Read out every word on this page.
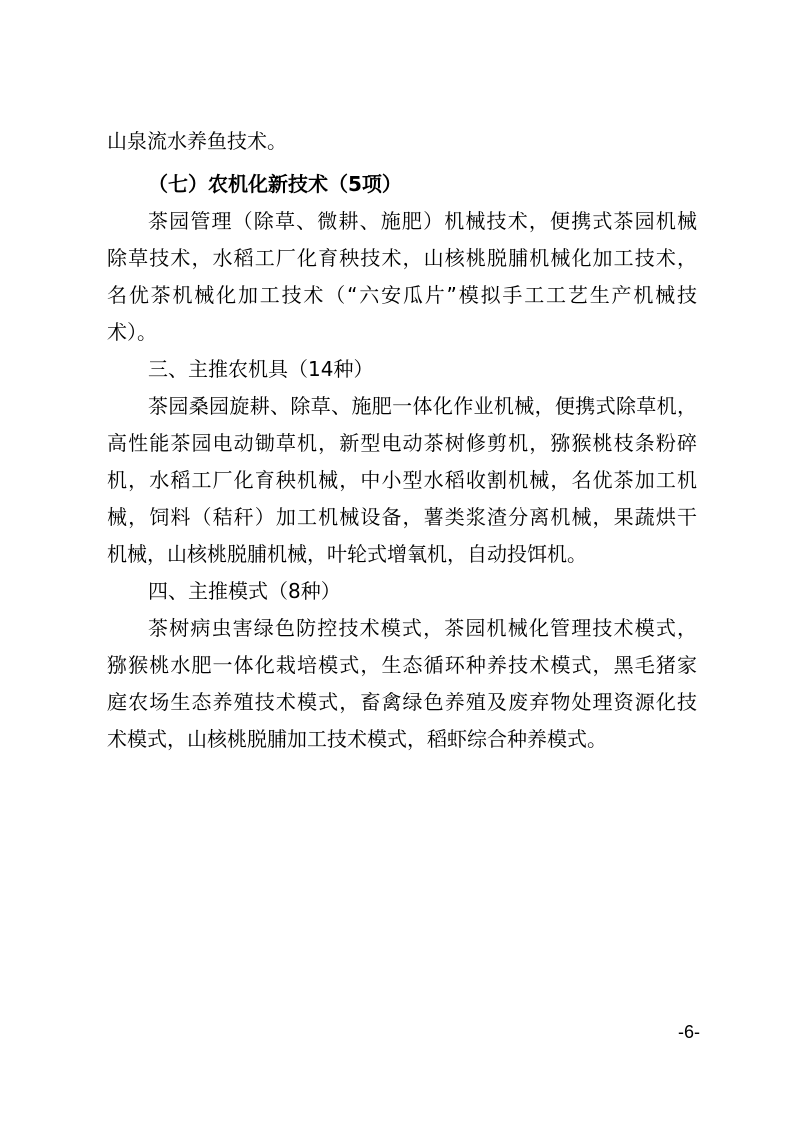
山泉流水养鱼技术。
（七）农机化新技术（5项）
茶园管理（除草、微耕、施肥）机械技术，便携式茶园机械
除草技术，水稻工厂化育秧技术，山核桃脱脯机械化加工技术，
名优茶机械化加工技术（“六安瓜片”模拟手工工艺生产机械技
术）。
三、主推农机具（14种）
茶园桑园旋耕、除草、施肥一体化作业机械，便携式除草机，
高性能茶园电动锄草机，新型电动茶树修剪机，猕猴桃枝条粉碎
机，水稻工厂化育秧机械，中小型水稻收割机械，名优茶加工机
械，饲料（秸秆）加工机械设备，薯类浆渣分离机械，果蔬烘干
机械，山核桃脱脯机械，叶轮式增氧机，自动投饵机。
四、主推模式（8种）
茶树病虫害绿色防控技术模式，茶园机械化管理技术模式，
猕猴桃水肥一体化栽培模式，生态循环种养技术模式，黑毛猪家
庭农场生态养殖技术模式，畜禽绿色养殖及废弃物处理资源化技
术模式，山核桃脱脯加工技术模式，稻虾综合种养模式。
-6-
